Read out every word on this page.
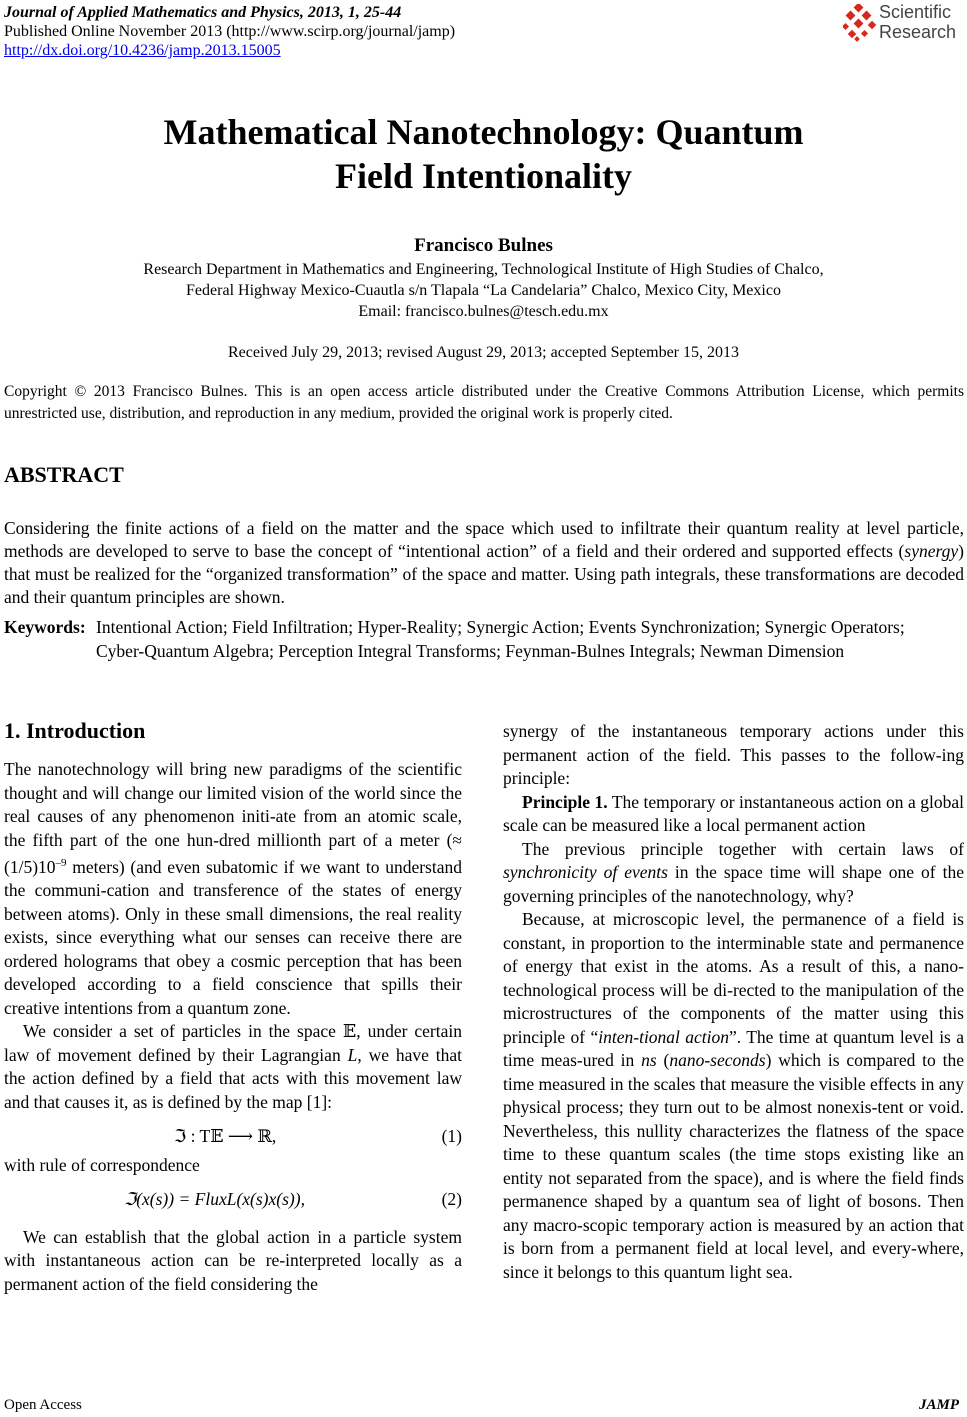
Journal of Applied Mathematics and Physics, 2013, 1, 25-44
Published Online November 2013 (http://www.scirp.org/journal/jamp)
http://dx.doi.org/10.4236/jamp.2013.15005
Scientific
Research
Mathematical Nanotechnology: Quantum
Field Intentionality
Francisco Bulnes
Research Department in Mathematics and Engineering, Technological Institute of High Studies of Chalco,
Federal Highway Mexico-Cuautla s/n Tlapala “La Candelaria” Chalco, Mexico City, Mexico
Email: francisco.bulnes@tesch.edu.mx
Received July 29, 2013; revised August 29, 2013; accepted September 15, 2013
Copyright © 2013 Francisco Bulnes. This is an open access article distributed under the Creative Commons Attribution License, which permits unrestricted use, distribution, and reproduction in any medium, provided the original work is properly cited.
ABSTRACT
Considering the finite actions of a field on the matter and the space which used to infiltrate their quantum reality at level particle, methods are developed to serve to base the concept of “intentional action” of a field and their ordered and supported effects (synergy) that must be realized for the “organized transformation” of the space and matter. Using path integrals, these transformations are decoded and their quantum principles are shown.
Keywords: Intentional Action; Field Infiltration; Hyper-Reality; Synergic Action; Events Synchronization; Synergic Operators; Cyber-Quantum Algebra; Perception Integral Transforms; Feynman-Bulnes Integrals; Newman Dimension
1. Introduction

The nanotechnology will bring new paradigms of the scientific thought and will change our limited vision of the world since the real causes of any phenomenon initi-ate from an atomic scale, the fifth part of the one hun-dred millionth part of a meter (≈ $(1/5)10^{-9}$ meters) (and even subatomic if we want to understand the communi-cation and transference of the states of energy between atoms). Only in these small dimensions, the real reality exists, since everything what our senses can receive there are ordered holograms that obey a cosmic perception that has been developed according to a field conscience that spills their creative intentions from a quantum zone.

We consider a set of particles in the space 𝔼, under certain law of movement defined by their Lagrangian L, we have that the action defined by a field that acts with this movement law and that causes it, as is defined by the map [1]:

ℑ : T𝔼 ⟶ ℝ,	(1)

with rule of correspondence

ℑ(x(s)) = FluxL(x(s)x(s)),	(2)

We can establish that the global action in a particle system with instantaneous action can be re-interpreted locally as a permanent action of the field considering the

synergy of the instantaneous temporary actions under this permanent action of the field. This passes to the follow-ing principle:

Principle 1. The temporary or instantaneous action on a global scale can be measured like a local permanent action

The previous principle together with certain laws of synchronicity of events in the space time will shape one of the governing principles of the nanotechnology, why?

Because, at microscopic level, the permanence of a field is constant, in proportion to the interminable state and permanence of energy that exist in the atoms. As a result of this, a nano-technological process will be di-rected to the manipulation of the microstructures of the components of the matter using this principle of “inten-tional action”. The time at quantum level is a time meas-ured in ns (nano-seconds) which is compared to the time measured in the scales that measure the visible effects in any physical process; they turn out to be almost nonexis-tent or void. Nevertheless, this nullity characterizes the flatness of the space time to these quantum scales (the time stops existing like an entity not separated from the space), and is where the field finds permanence shaped by a quantum sea of light of bosons. Then any macro-scopic temporary action is measured by an action that is born from a permanent field at local level, and every-where, since it belongs to this quantum light sea.

Open Access	JAMP
